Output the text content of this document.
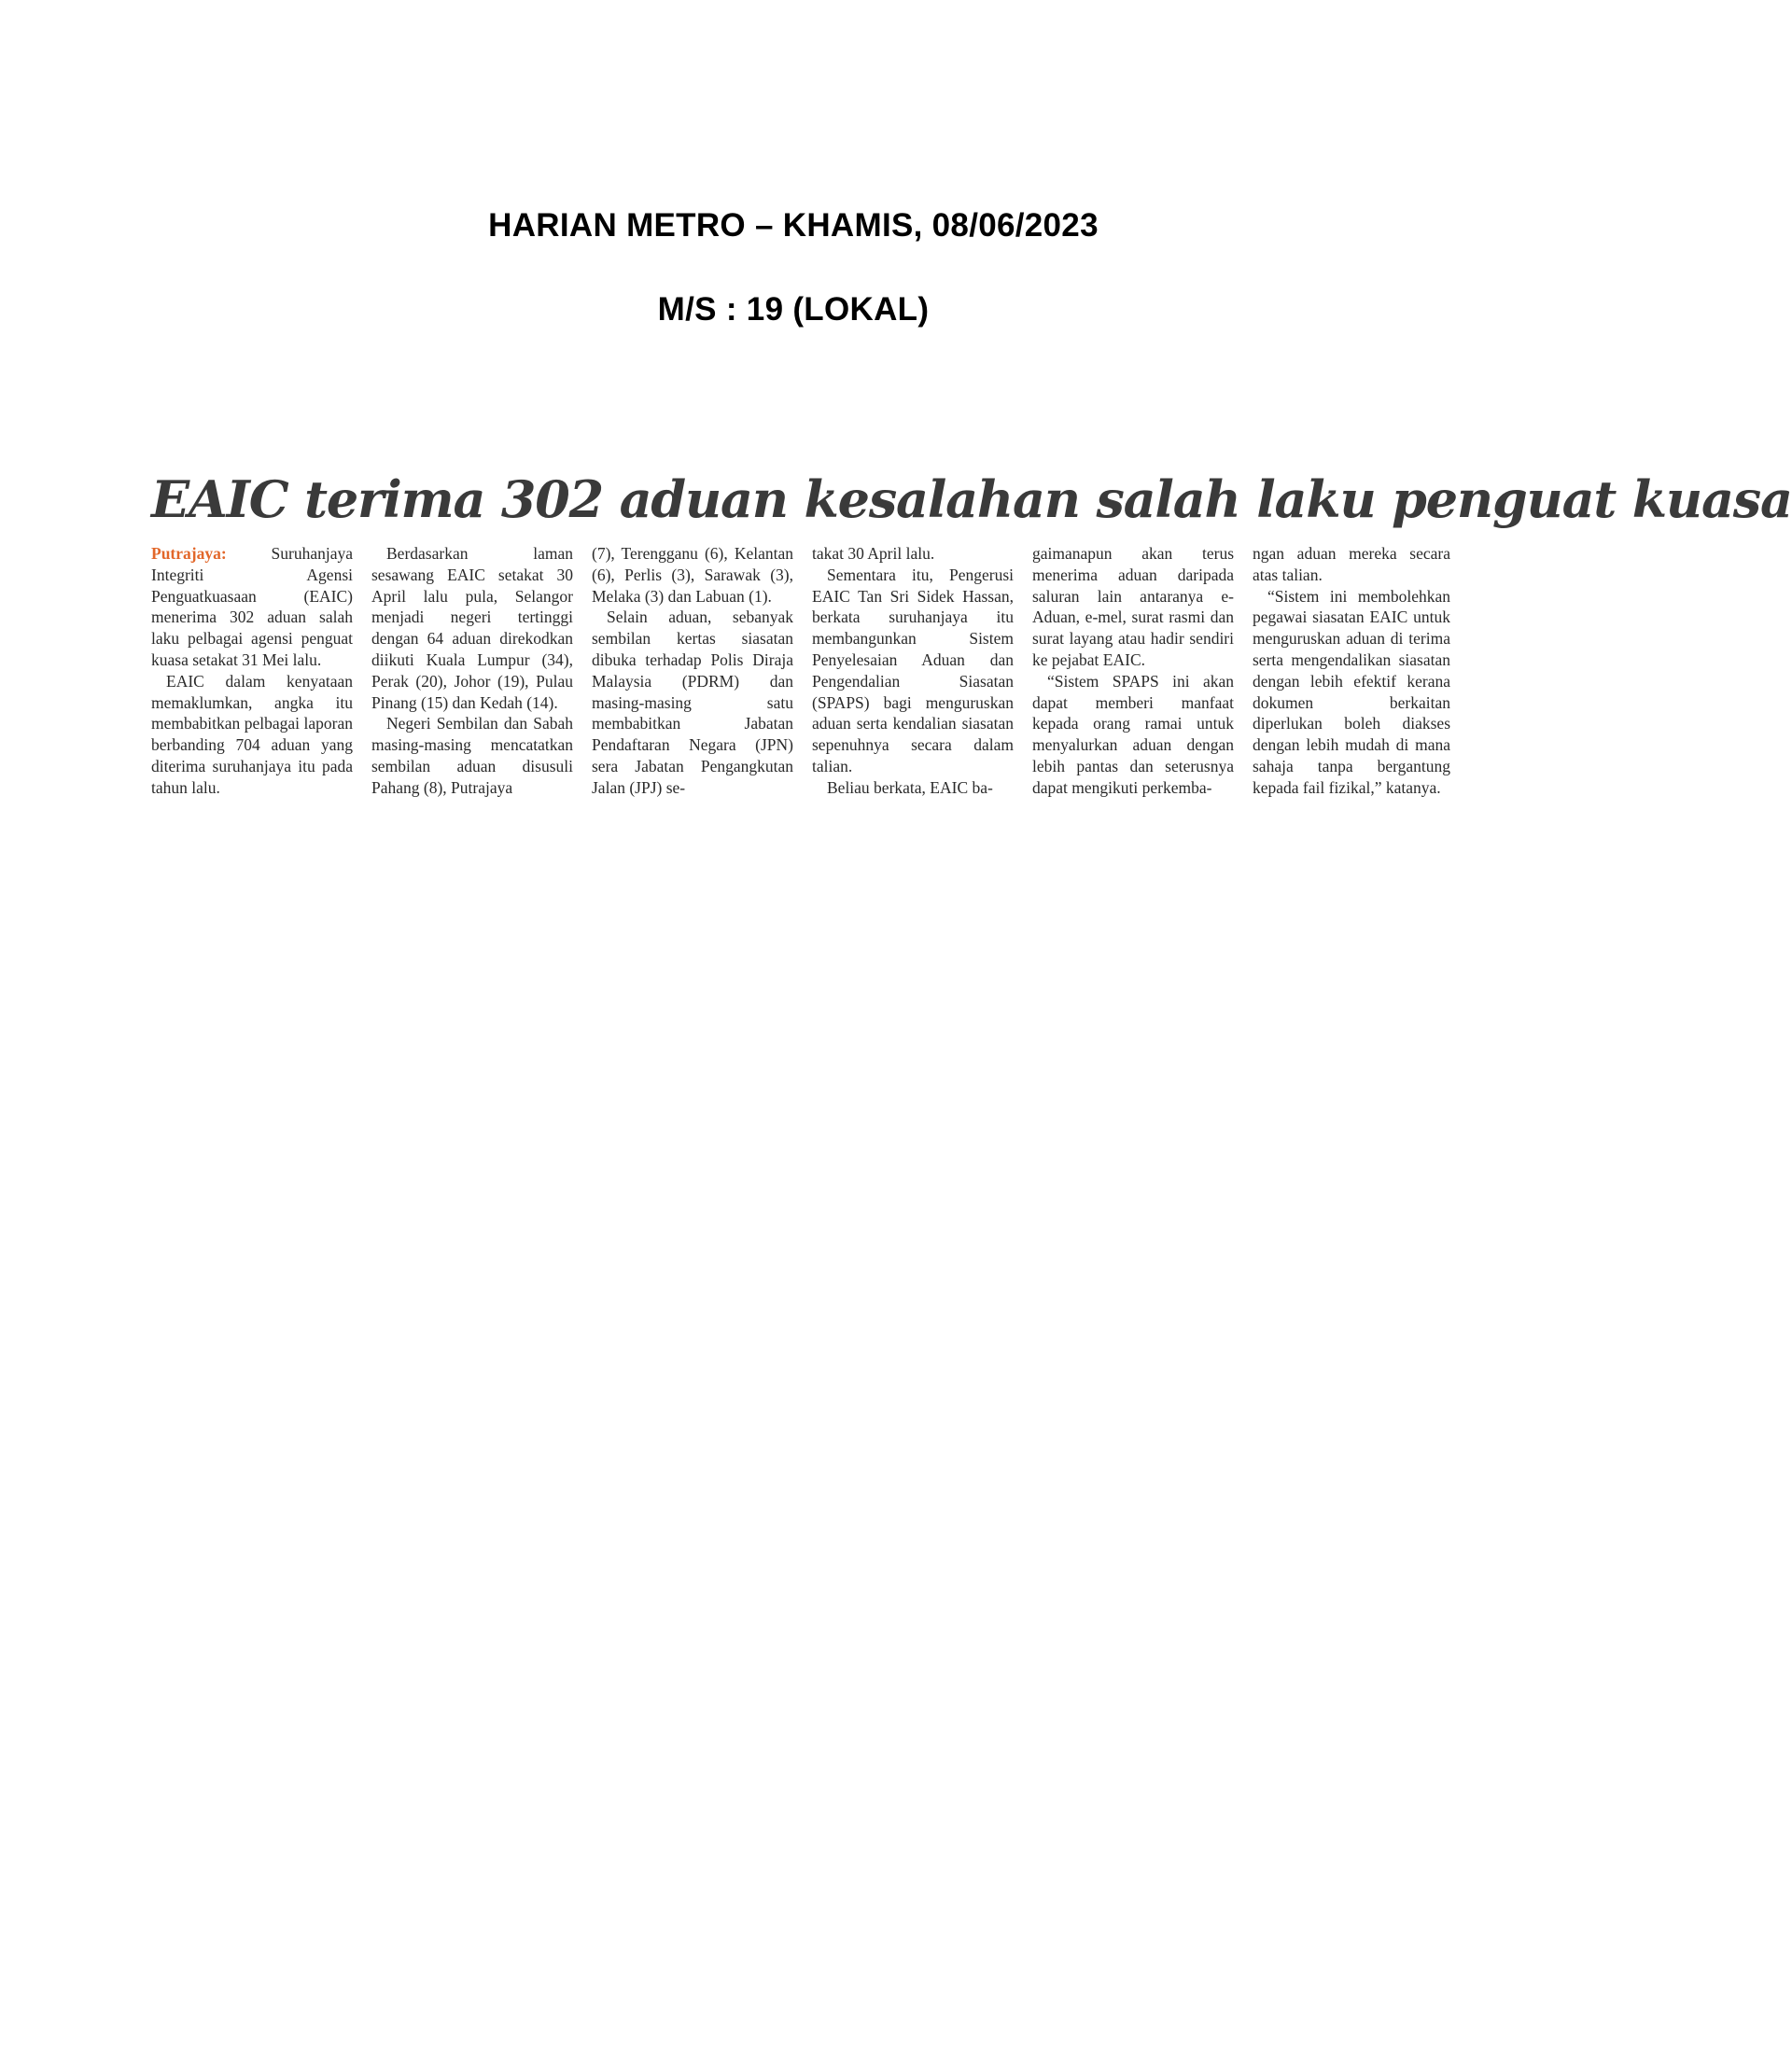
HARIAN METRO – KHAMIS, 08/06/2023
M/S : 19 (LOKAL)
EAIC terima 302 aduan kesalahan salah laku penguat kuasa

Putrajaya:	Suruhanjaya Integriti Agensi Penguatkuasaan (EAIC) menerima 302 aduan salah laku pelbagai agensi penguat kuasa setakat 31 Mei lalu.

EAIC dalam kenyataan memaklumkan, angka itu membabitkan pelbagai laporan berbanding 704 aduan yang diterima suruhanjaya itu pada tahun lalu.

Berdasarkan laman sesawang EAIC setakat 30 April lalu pula, Selangor menjadi negeri tertinggi dengan 64 aduan direkodkan diikuti Kuala Lumpur (34), Perak (20), Johor (19), Pulau Pinang (15) dan Kedah (14).

Negeri Sembilan dan Sabah masing-masing mencatatkan sembilan aduan disusuli Pahang (8), Putrajaya

(7), Terengganu (6), Kelantan (6), Perlis (3), Sarawak (3), Melaka (3) dan Labuan (1).

Selain aduan, sebanyak sembilan kertas siasatan dibuka terhadap Polis Diraja Malaysia (PDRM) dan masing-masing satu membabitkan Jabatan Pendaftaran Negara (JPN) sera Jabatan Pengangkutan Jalan (JPJ) se-

takat 30 April lalu.

Sementara itu, Pengerusi EAIC Tan Sri Sidek Hassan, berkata suruhanjaya itu membangunkan Sistem Penyelesaian Aduan dan Pengendalian Siasatan (SPAPS) bagi menguruskan aduan serta kendalian siasatan sepenuhnya secara dalam talian.

Beliau berkata, EAIC ba-

gaimanapun akan terus menerima aduan daripada saluran lain antaranya e-Aduan, e-mel, surat rasmi dan surat layang atau hadir sendiri ke pejabat EAIC.

“Sistem SPAPS ini akan dapat memberi manfaat kepada orang ramai untuk menyalurkan aduan dengan lebih pantas dan seterusnya dapat mengikuti perkemba-

ngan aduan mereka secara atas talian.

“Sistem ini membolehkan pegawai siasatan EAIC untuk menguruskan aduan di terima serta mengendalikan siasatan dengan lebih efektif kerana dokumen berkaitan diperlukan boleh diakses dengan lebih mudah di mana sahaja tanpa bergantung kepada fail fizikal,” katanya.
